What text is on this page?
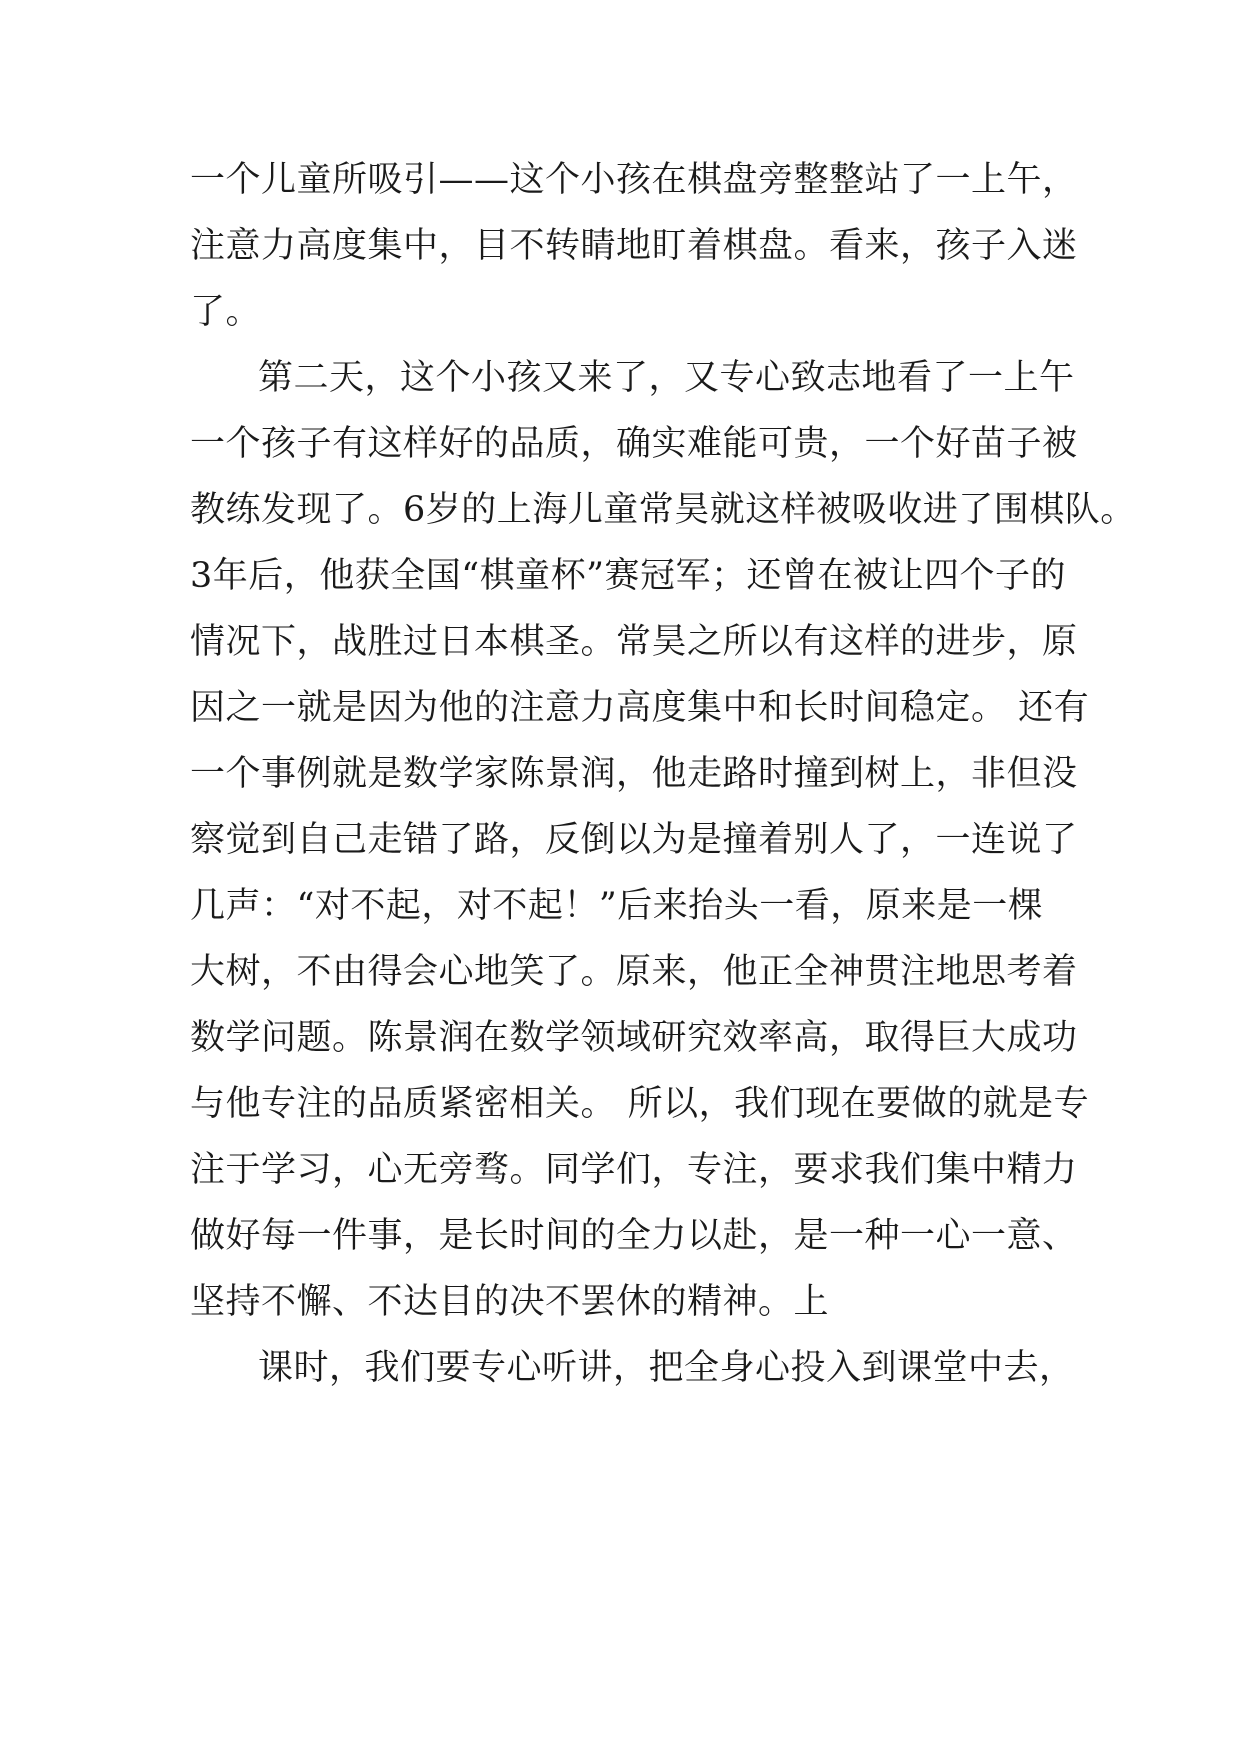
一个儿童所吸引——这个小孩在棋盘旁整整站了一上午，
注意力高度集中，目不转睛地盯着棋盘。看来，孩子入迷
了。
第二天，这个小孩又来了，又专心致志地看了一上午
一个孩子有这样好的品质，确实难能可贵，一个好苗子被
教练发现了。6岁的上海儿童常昊就这样被吸收进了围棋队。
3年后，他获全国“棋童杯”赛冠军；还曾在被让四个子的
情况下，战胜过日本棋圣。常昊之所以有这样的进步，原
因之一就是因为他的注意力高度集中和长时间稳定。 还有
一个事例就是数学家陈景润，他走路时撞到树上，非但没
察觉到自己走错了路，反倒以为是撞着别人了，一连说了
几声：“对不起，对不起！”后来抬头一看，原来是一棵
大树，不由得会心地笑了。原来，他正全神贯注地思考着
数学问题。陈景润在数学领域研究效率高，取得巨大成功
与他专注的品质紧密相关。 所以，我们现在要做的就是专
注于学习，心无旁骛。同学们，专注，要求我们集中精力
做好每一件事，是长时间的全力以赴，是一种一心一意、
坚持不懈、不达目的决不罢休的精神。上
课时，我们要专心听讲，把全身心投入到课堂中去，
